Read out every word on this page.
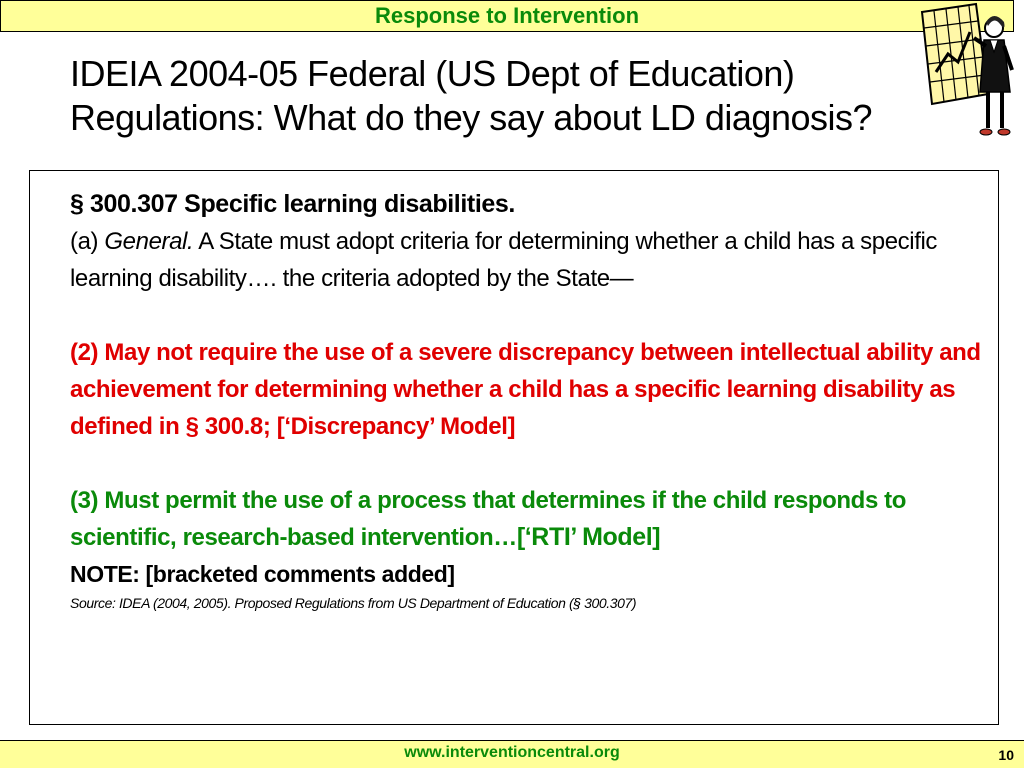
Response to Intervention
IDEIA 2004-05 Federal (US Dept of Education)
Regulations: What do they say about LD diagnosis?
§ 300.307 Specific learning disabilities.
(a) General. A State must adopt criteria for determining whether a child has a specific learning disability…. the criteria adopted by the State—
(2) May not require the use of a severe discrepancy between intellectual ability and achievement for determining whether a child has a specific learning disability as defined in § 300.8; [‘Discrepancy’ Model]
(3) Must permit the use of a process that determines if the child responds to scientific, research-based intervention…[‘RTI’ Model]
NOTE: [bracketed comments added]
Source: IDEA (2004, 2005). Proposed Regulations from US Department of Education (§ 300.307)
www.interventioncentral.org	10
